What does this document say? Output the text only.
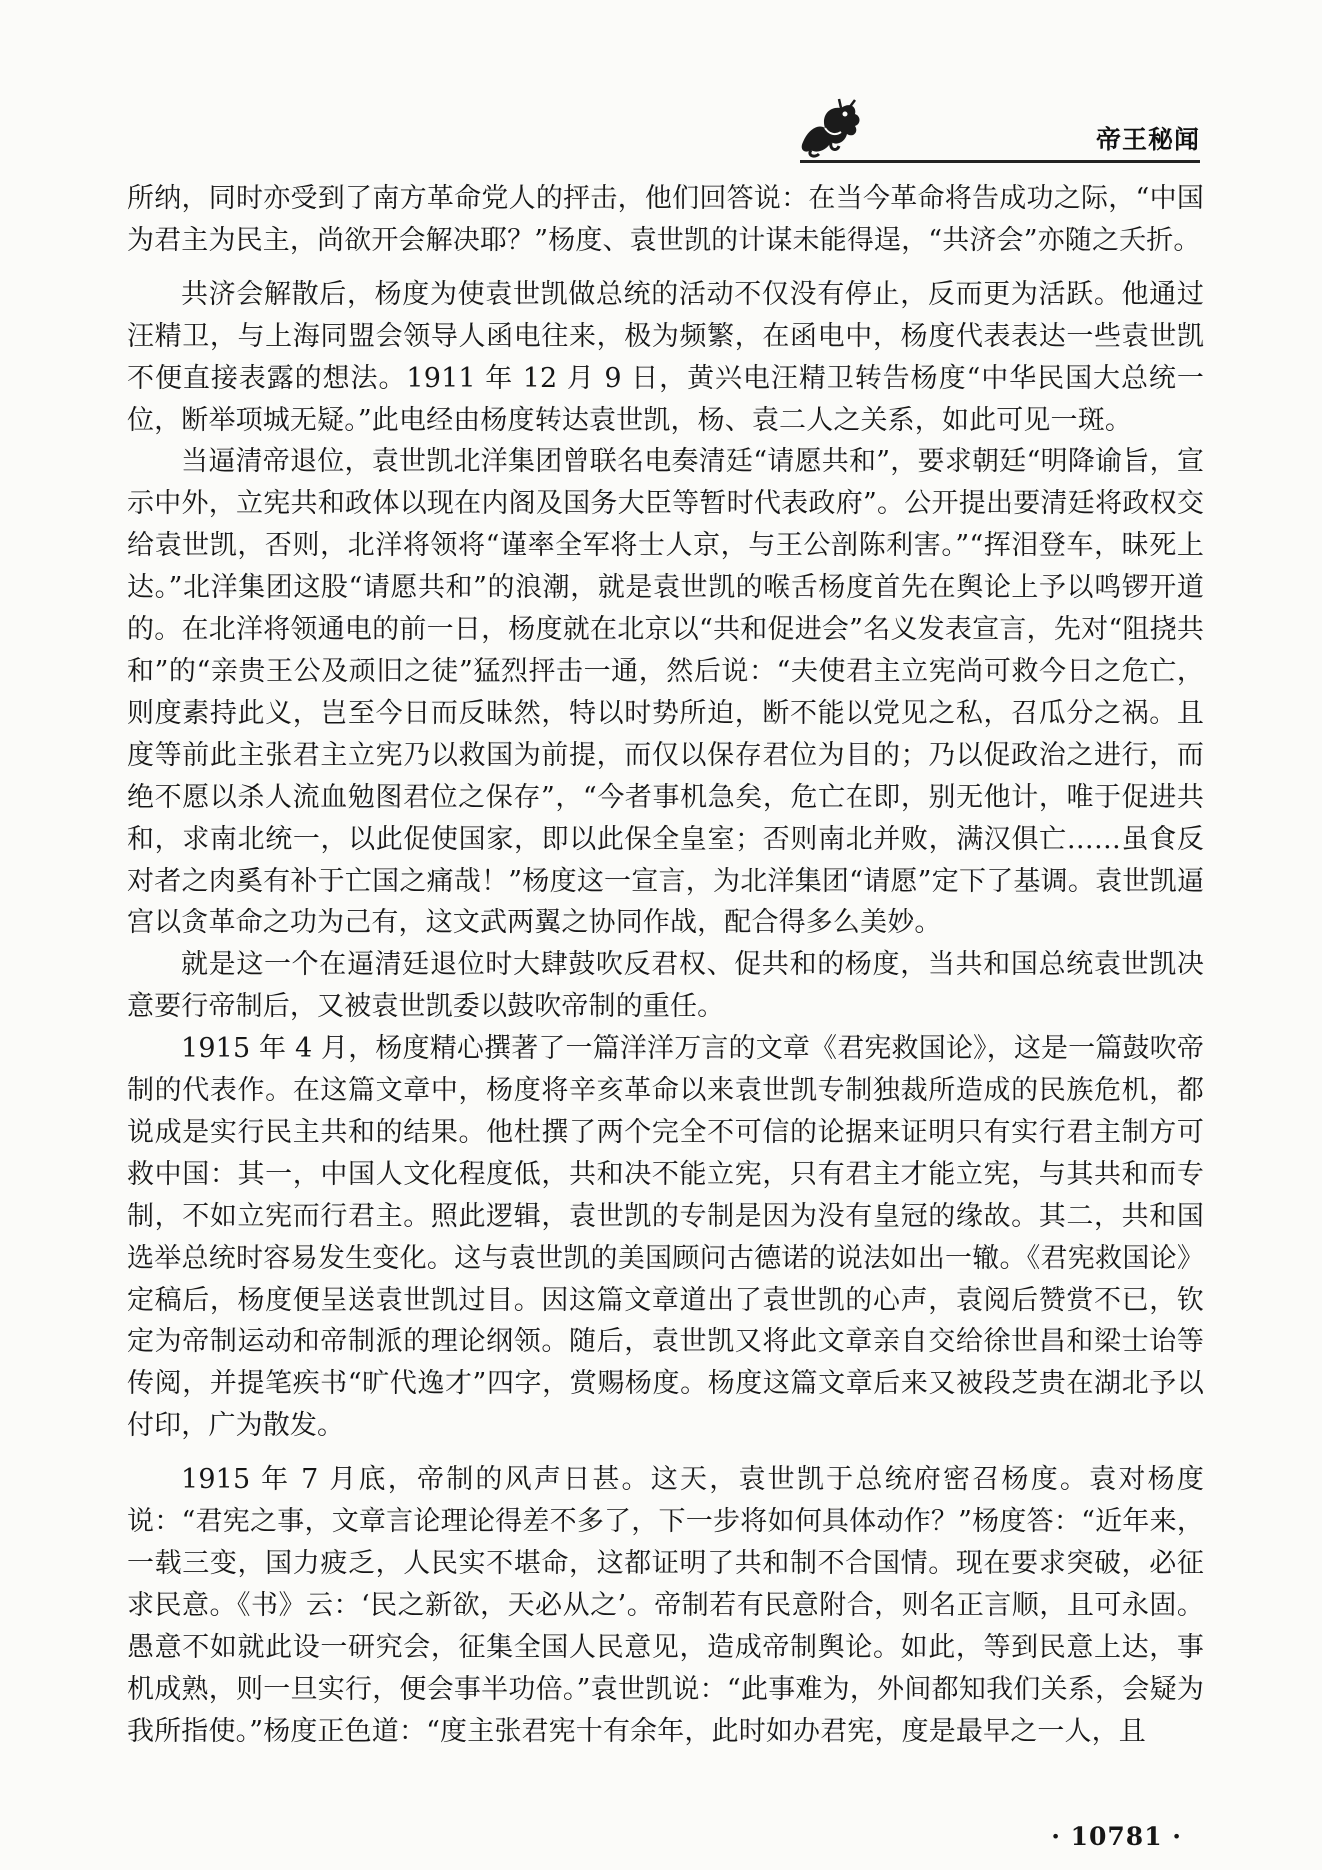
帝王秘闻

所纳，同时亦受到了南方革命党人的抨击，他们回答说：在当今革命将告成功之际，“中国为君主为民主，尚欲开会解决耶？”杨度、袁世凯的计谋未能得逞，“共济会”亦随之夭折。

共济会解散后，杨度为使袁世凯做总统的活动不仅没有停止，反而更为活跃。他通过汪精卫，与上海同盟会领导人函电往来，极为频繁，在函电中，杨度代表表达一些袁世凯不便直接表露的想法。1911 年 12 月 9 日，黄兴电汪精卫转告杨度“中华民国大总统一位，断举项城无疑。”此电经由杨度转达袁世凯，杨、袁二人之关系，如此可见一斑。

当逼清帝退位，袁世凯北洋集团曾联名电奏清廷“请愿共和”，要求朝廷“明降谕旨，宣示中外，立宪共和政体以现在内阁及国务大臣等暂时代表政府”。公开提出要清廷将政权交给袁世凯，否则，北洋将领将“谨率全军将士人京，与王公剖陈利害。”“挥泪登车，昧死上达。”北洋集团这股“请愿共和”的浪潮，就是袁世凯的喉舌杨度首先在舆论上予以鸣锣开道的。在北洋将领通电的前一日，杨度就在北京以“共和促进会”名义发表宣言，先对“阻挠共和”的“亲贵王公及顽旧之徒”猛烈抨击一通，然后说：“夫使君主立宪尚可救今日之危亡，则度素持此义，岂至今日而反昧然，特以时势所迫，断不能以党见之私，召瓜分之祸。且度等前此主张君主立宪乃以救国为前提，而仅以保存君位为目的；乃以促政治之进行，而绝不愿以杀人流血勉图君位之保存”，“今者事机急矣，危亡在即，别无他计，唯于促进共和，求南北统一，以此促使国家，即以此保全皇室；否则南北并败，满汉俱亡……虽食反对者之肉奚有补于亡国之痛哉！”杨度这一宣言，为北洋集团“请愿”定下了基调。袁世凯逼宫以贪革命之功为己有，这文武两翼之协同作战，配合得多么美妙。

就是这一个在逼清廷退位时大肆鼓吹反君权、促共和的杨度，当共和国总统袁世凯决意要行帝制后，又被袁世凯委以鼓吹帝制的重任。

1915 年 4 月，杨度精心撰著了一篇洋洋万言的文章《君宪救国论》，这是一篇鼓吹帝制的代表作。在这篇文章中，杨度将辛亥革命以来袁世凯专制独裁所造成的民族危机，都说成是实行民主共和的结果。他杜撰了两个完全不可信的论据来证明只有实行君主制方可救中国：其一，中国人文化程度低，共和决不能立宪，只有君主才能立宪，与其共和而专制，不如立宪而行君主。照此逻辑，袁世凯的专制是因为没有皇冠的缘故。其二，共和国选举总统时容易发生变化。这与袁世凯的美国顾问古德诺的说法如出一辙。《君宪救国论》定稿后，杨度便呈送袁世凯过目。因这篇文章道出了袁世凯的心声，袁阅后赞赏不已，钦定为帝制运动和帝制派的理论纲领。随后，袁世凯又将此文章亲自交给徐世昌和梁士诒等传阅，并提笔疾书“旷代逸才”四字，赏赐杨度。杨度这篇文章后来又被段芝贵在湖北予以付印，广为散发。

1915 年 7 月底，帝制的风声日甚。这天，袁世凯于总统府密召杨度。袁对杨度说：“君宪之事，文章言论理论得差不多了，下一步将如何具体动作？”杨度答：“近年来，一载三变，国力疲乏，人民实不堪命，这都证明了共和制不合国情。现在要求突破，必征求民意。《书》云：‘民之新欲，天必从之’。帝制若有民意附合，则名正言顺，且可永固。愚意不如就此设一研究会，征集全国人民意见，造成帝制舆论。如此，等到民意上达，事机成熟，则一旦实行，便会事半功倍。”袁世凯说：“此事难为，外间都知我们关系，会疑为我所指使。”杨度正色道：“度主张君宪十有余年，此时如办君宪，度是最早之一人，且

· 10781 ·
